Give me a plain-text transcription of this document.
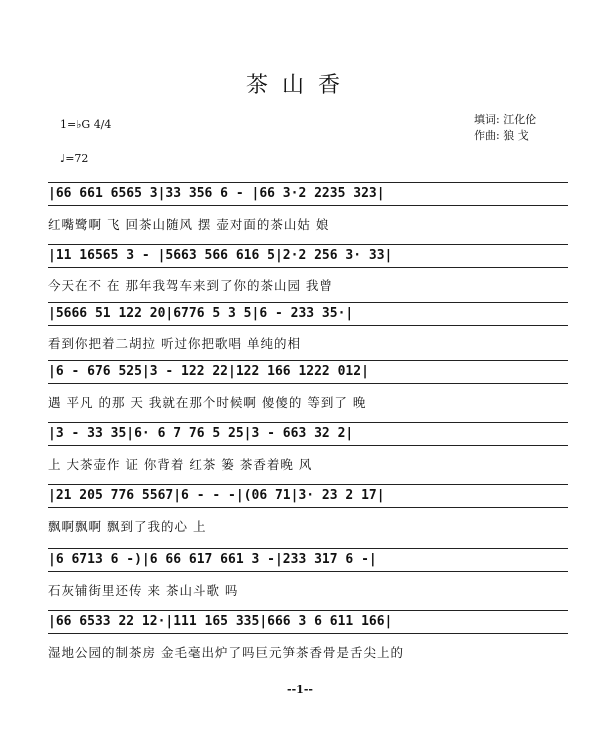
茶山香
1=♭G 4/4
♩=72
填词: 江化伦
作曲: 狼 戈
|66 661 6565 3|33 356 6 - |66 3·2 2235 323|
红嘴鹭啊 飞 回茶山随风 摆 壶对面的茶山姑 娘
|11 16565 3 - |5663 566 616 5|2·2 256 3· 33|
今天在不 在 那年我驾车来到了你的茶山园 我曾
|5666 51 122 20|6776 5 3 5|6 - 233 35·|
看到你把着二胡拉 听过你把歌唱 单纯的相
|6 - 676 525|3 - 122 22|122 166 1222 012|
遇 平凡 的那 天 我就在那个时候啊 傻傻的 等到了 晚
|3 - 33 35|6· 6 7 76 5 25|3 - 663 32 2|
上 大茶壶作 证 你背着 红茶 篓 茶香着晚 风
|21 205 776 5567|6 - - -|(06 71|3· 23 2 17|
飘啊飘啊 飘到了我的心 上
|6 6713 6 -)|6 66 617 661 3 -|233 317 6 -|
石灰铺街里还传 来 茶山斗歌 吗
|66 6533 22 12·|111 165 335|666 3 6 611 166|
湿地公园的制茶房 金毛毫出炉了吗巨元笋茶香骨是舌尖上的
--1--
